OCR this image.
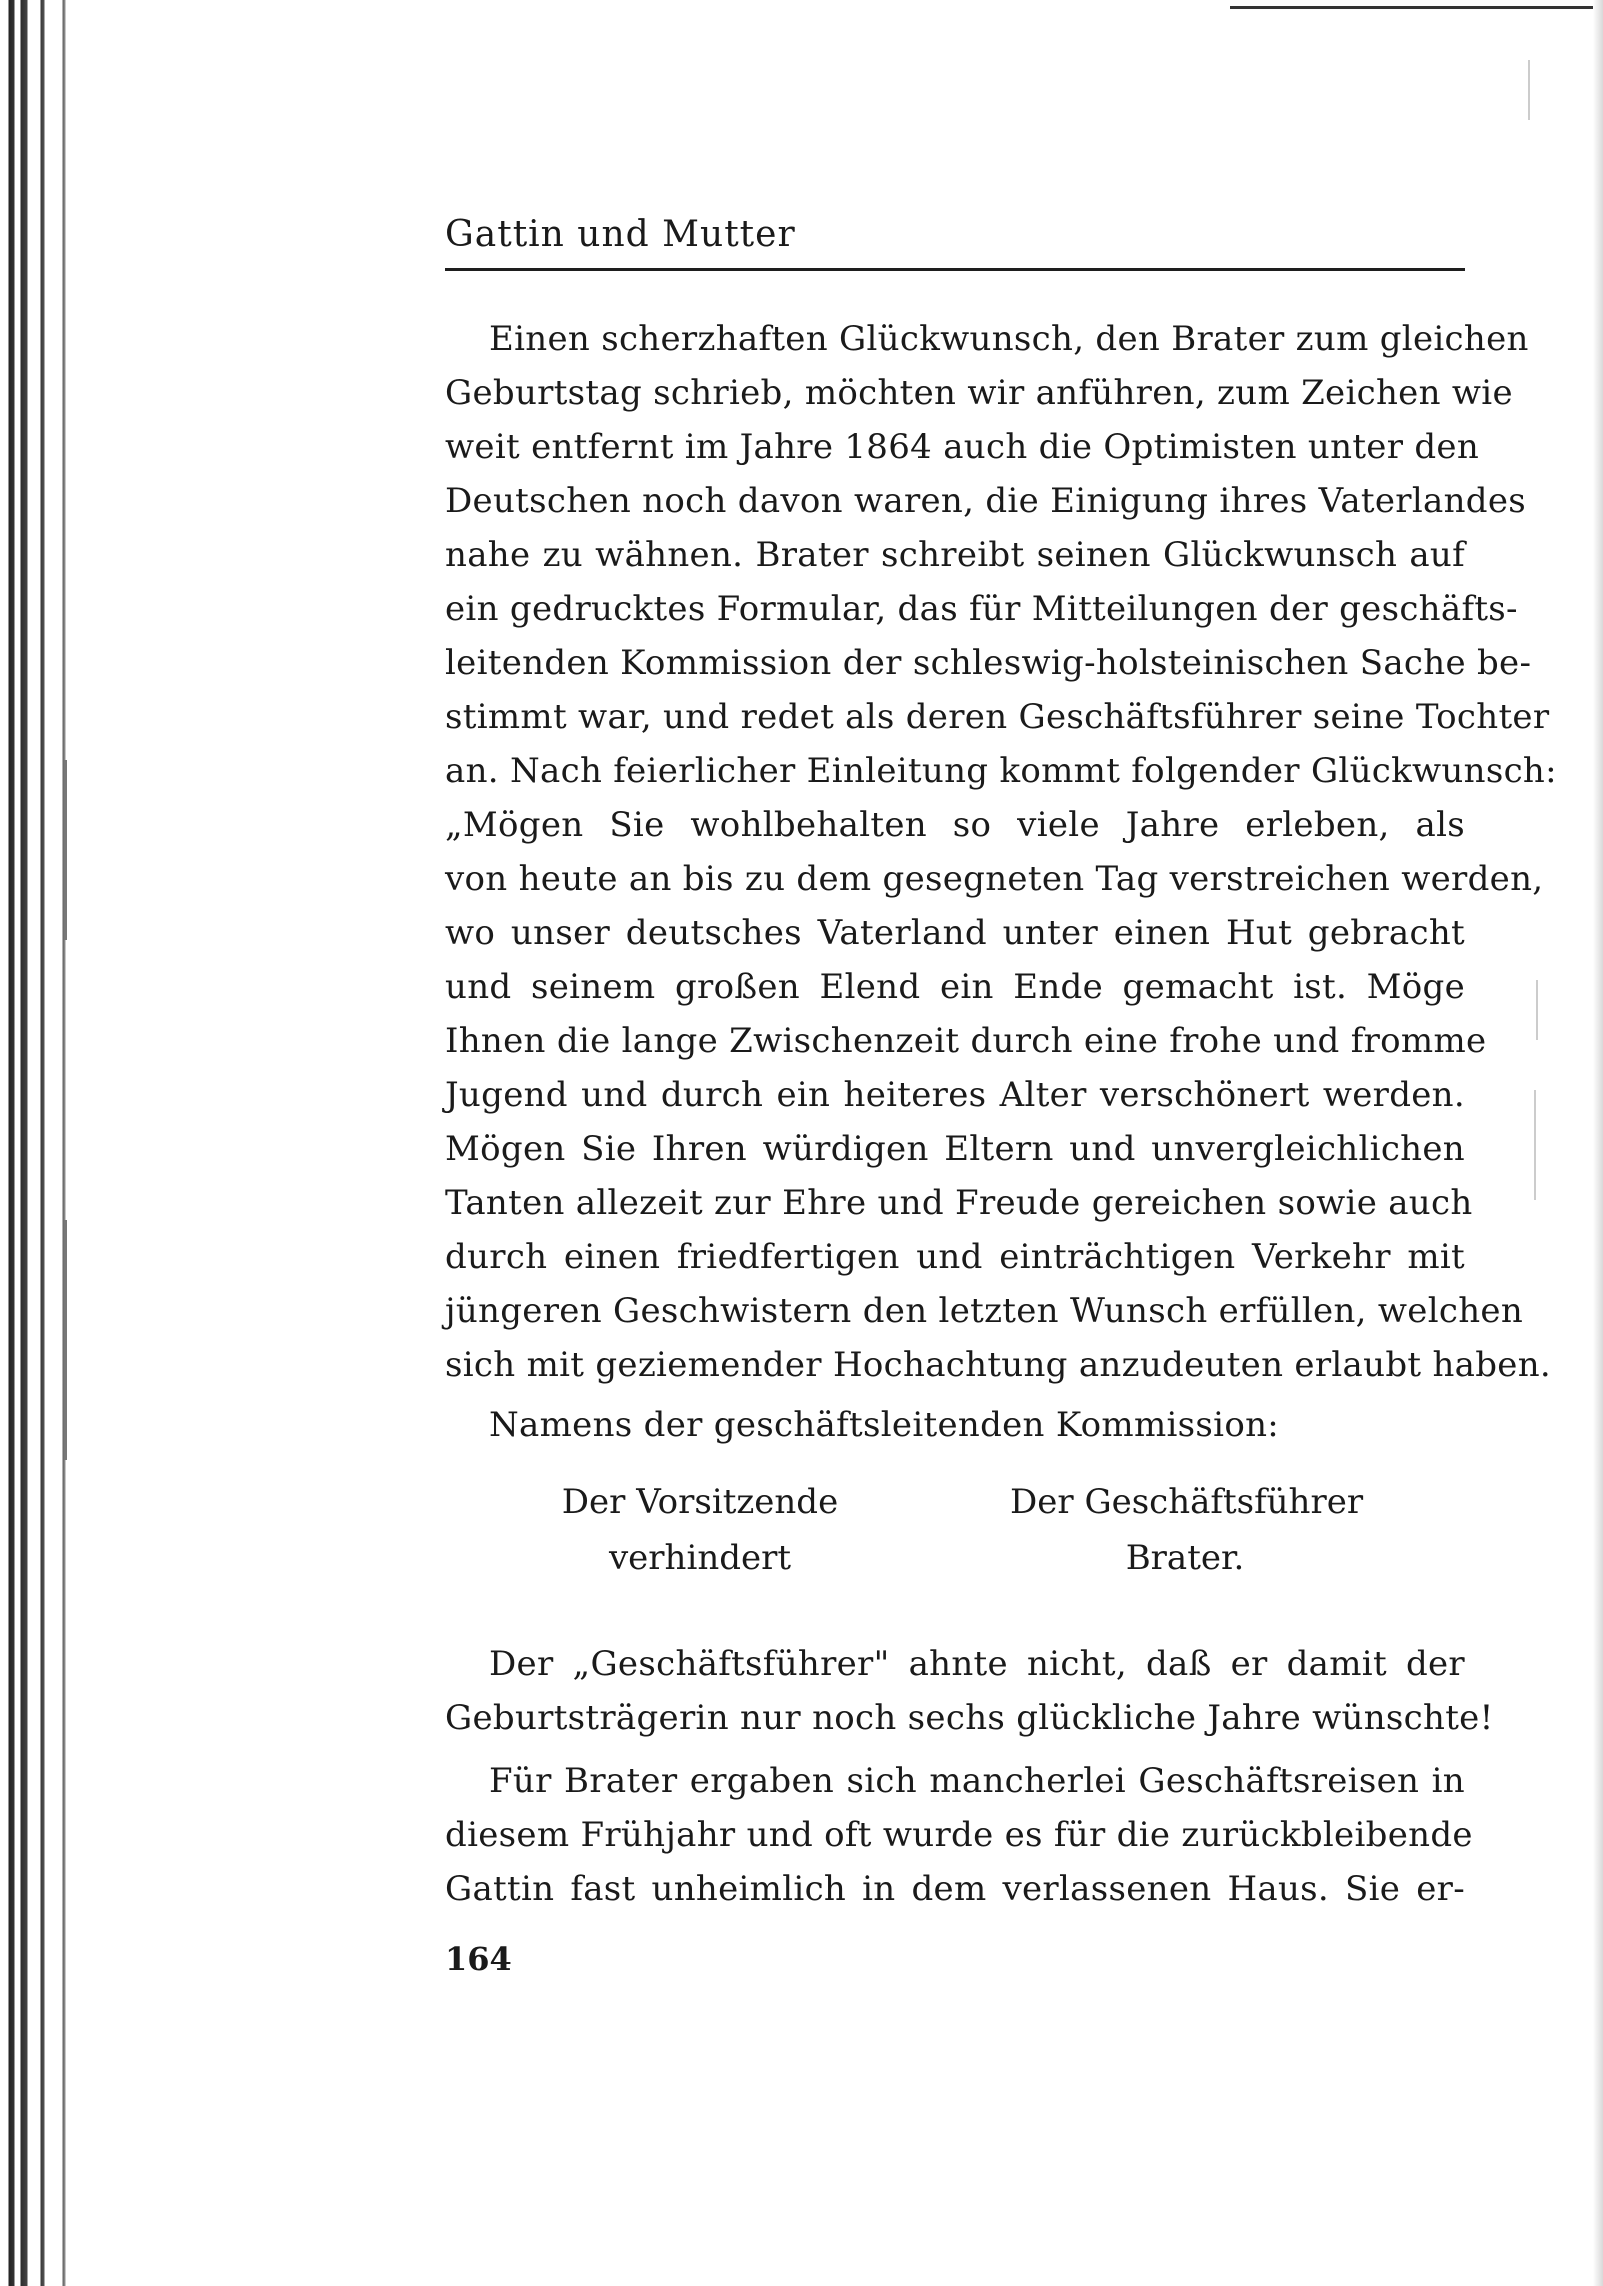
Gattin und Mutter
Einen scherzhaften Glückwunsch, den Brater zum gleichen
Geburtstag schrieb, möchten wir anführen, zum Zeichen wie
weit entfernt im Jahre 1864 auch die Optimisten unter den
Deutschen noch davon waren, die Einigung ihres Vaterlandes
nahe zu wähnen. Brater schreibt seinen Glückwunsch auf
ein gedrucktes Formular, das für Mitteilungen der geschäfts-
leitenden Kommission der schleswig-holsteinischen Sache be-
stimmt war, und redet als deren Geschäftsführer seine Tochter
an. Nach feierlicher Einleitung kommt folgender Glückwunsch:
„Mögen Sie wohlbehalten so viele Jahre erleben, als
von heute an bis zu dem gesegneten Tag verstreichen werden,
wo unser deutsches Vaterland unter einen Hut gebracht
und seinem großen Elend ein Ende gemacht ist. Möge
Ihnen die lange Zwischenzeit durch eine frohe und fromme
Jugend und durch ein heiteres Alter verschönert werden.
Mögen Sie Ihren würdigen Eltern und unvergleichlichen
Tanten allezeit zur Ehre und Freude gereichen sowie auch
durch einen friedfertigen und einträchtigen Verkehr mit
jüngeren Geschwistern den letzten Wunsch erfüllen, welchen
sich mit geziemender Hochachtung anzudeuten erlaubt haben.
Namens der geschäftsleitenden Kommission:
Der Vorsitzende
verhindert
Der Geschäftsführer
Brater.
Der „Geschäftsführer" ahnte nicht, daß er damit der
Geburtsträgerin nur noch sechs glückliche Jahre wünschte!
Für Brater ergaben sich mancherlei Geschäftsreisen in
diesem Frühjahr und oft wurde es für die zurückbleibende
Gattin fast unheimlich in dem verlassenen Haus. Sie er-
164
